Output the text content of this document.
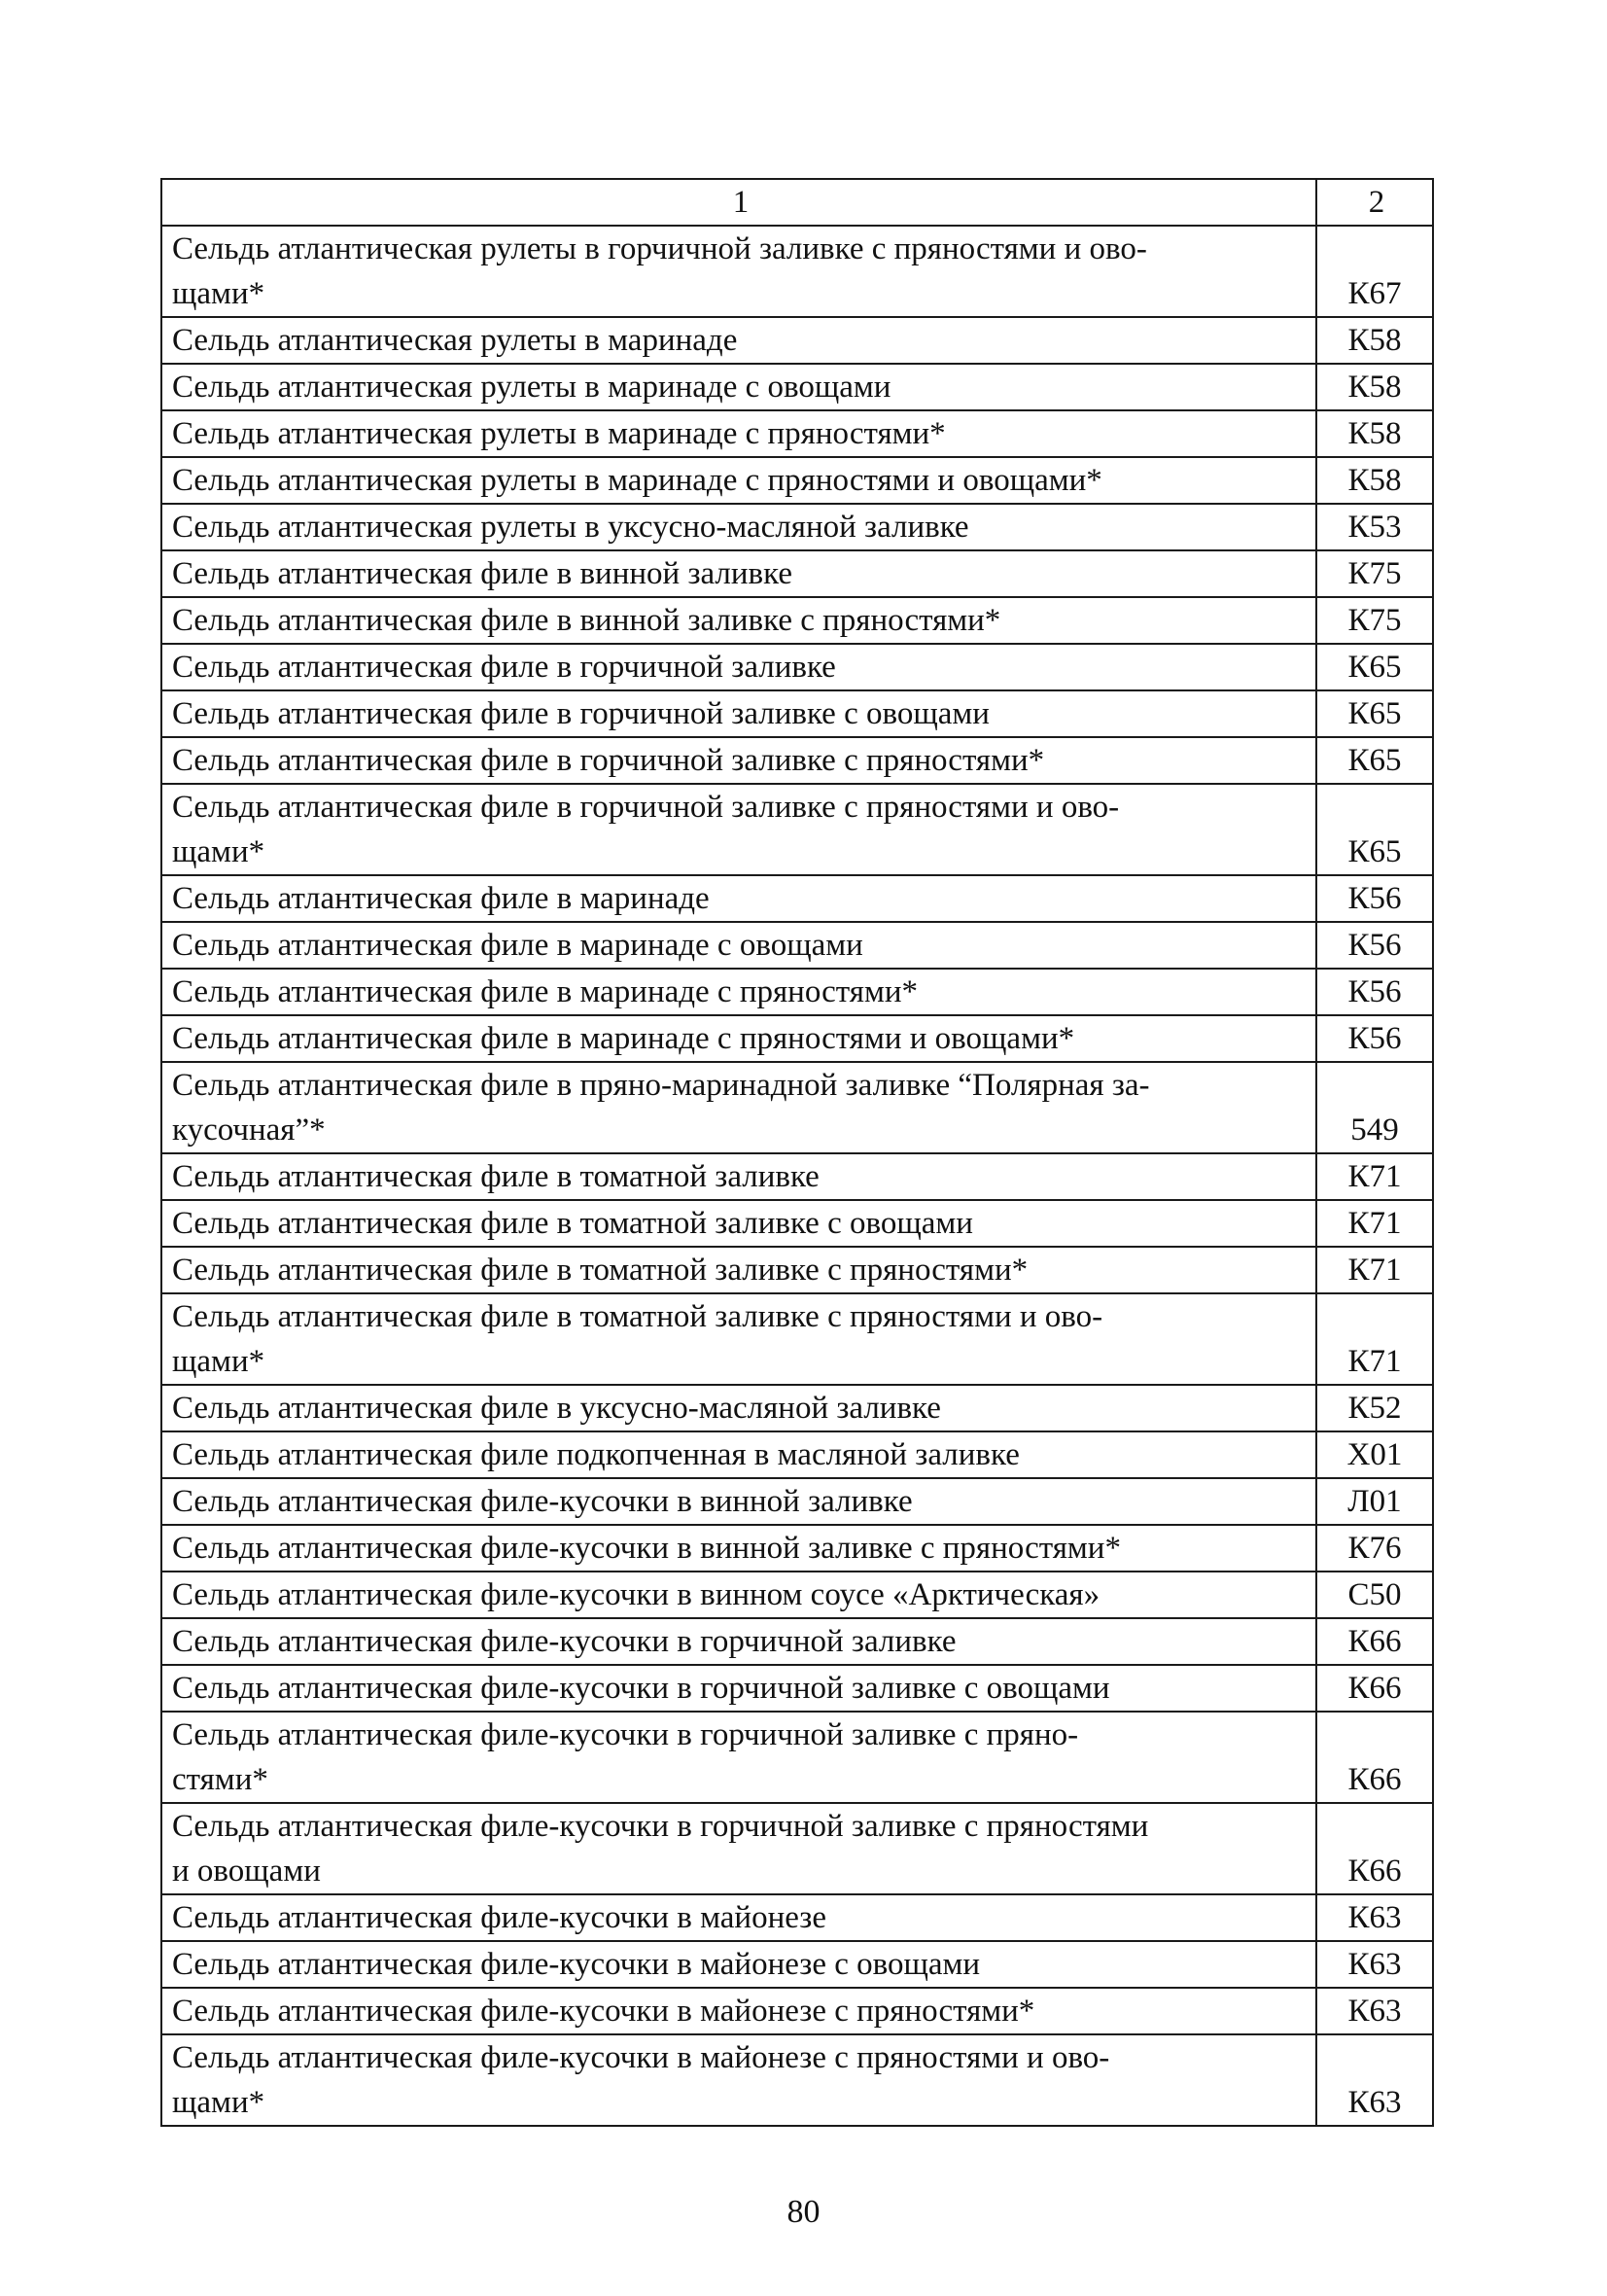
1	2

Сельдь атлантическая рулеты в горчичной заливке с пряностями и ово-
щами*	К67

Сельдь атлантическая рулеты в маринаде	К58

Сельдь атлантическая рулеты в маринаде с овощами	К58

Сельдь атлантическая рулеты в маринаде с пряностями*	К58

Сельдь атлантическая рулеты в маринаде с пряностями и овощами*	К58

Сельдь атлантическая рулеты в уксусно-масляной заливке	К53

Сельдь атлантическая филе в винной заливке	К75

Сельдь атлантическая филе в винной заливке с пряностями*	К75

Сельдь атлантическая филе в горчичной заливке	К65

Сельдь атлантическая филе в горчичной заливке с овощами	К65

Сельдь атлантическая филе в горчичной заливке с пряностями*	К65

Сельдь атлантическая филе в горчичной заливке с пряностями и ово-
щами*	К65

Сельдь атлантическая филе в маринаде	К56

Сельдь атлантическая филе в маринаде с овощами	К56

Сельдь атлантическая филе в маринаде с пряностями*	К56

Сельдь атлантическая филе в маринаде с пряностями и овощами*	К56

Сельдь атлантическая филе в пряно-маринадной заливке “Полярная за-
кусочная”*	549

Сельдь атлантическая филе в томатной заливке	К71

Сельдь атлантическая филе в томатной заливке с овощами	К71

Сельдь атлантическая филе в томатной заливке с пряностями*	К71

Сельдь атлантическая филе в томатной заливке с пряностями и ово-
щами*	К71

Сельдь атлантическая филе в уксусно-масляной заливке	К52

Сельдь атлантическая филе подкопченная в масляной заливке	Х01

Сельдь атлантическая филе-кусочки в винной заливке	Л01

Сельдь атлантическая филе-кусочки в винной заливке с пряностями*	К76

Сельдь атлантическая филе-кусочки в винном соусе «Арктическая»	С50

Сельдь атлантическая филе-кусочки в горчичной заливке	К66

Сельдь атлантическая филе-кусочки в горчичной заливке с овощами	К66

Сельдь атлантическая филе-кусочки в горчичной заливке с пряно-
стями*	К66

Сельдь атлантическая филе-кусочки в горчичной заливке с пряностями
и овощами	К66

Сельдь атлантическая филе-кусочки в майонезе	К63

Сельдь атлантическая филе-кусочки в майонезе с овощами	К63

Сельдь атлантическая филе-кусочки в майонезе с пряностями*	К63

Сельдь атлантическая филе-кусочки в майонезе с пряностями и ово-
щами*	К63
80
